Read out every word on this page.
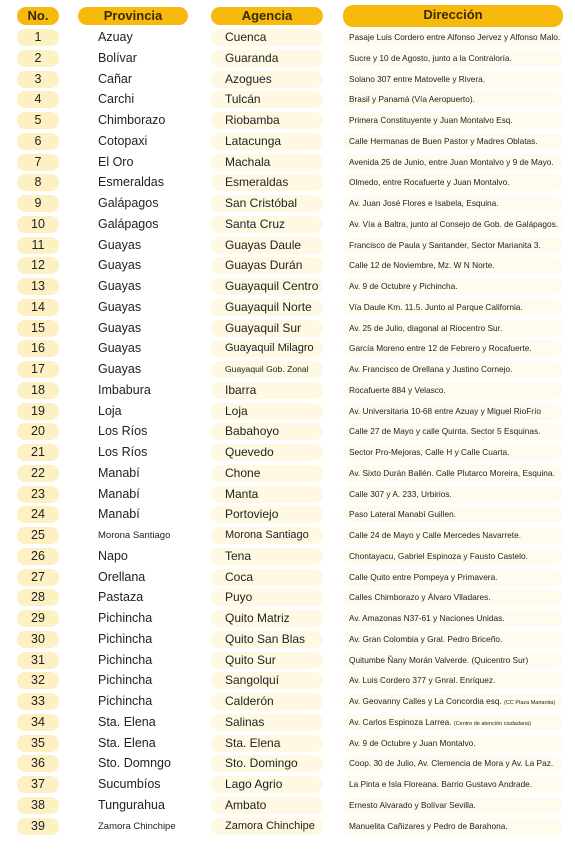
No.	Provincia	Agencia	Dirección
1	Azuay	Cuenca	Pasaje Luis Cordero entre Alfonso Jervez y Alfonso Malo.
2	Bolívar	Guaranda	Sucre y 10 de Agosto, junto a la Contraloría.
3	Cañar	Azogues	Solano 307 entre Matovelle y Rivera.
4	Carchi	Tulcán	Brasil y Panamá (Vía Aeropuerto).
5	Chimborazo	Riobamba	Primera Constituyente y Juan Montalvo Esq.
6	Cotopaxi	Latacunga	Calle Hermanas de Buen Pastor y Madres Oblatas.
7	El Oro	Machala	Avenida 25 de Junio, entre Juan Montalvo y 9 de Mayo.
8	Esmeraldas	Esmeraldas	Olmedo, entre Rocafuerte y Juan Montalvo.
9	Galápagos	San Cristóbal	Av. Juan José Flores e Isabela, Esquina.
10	Galápagos	Santa Cruz	Av. Vía a Baltra, junto al Consejo de Gob. de Galápagos.
11	Guayas	Guayas Daule	Francisco de Paula y Santander, Sector Marianita 3.
12	Guayas	Guayas Durán	Calle 12 de Noviembre, Mz. W N Norte.
13	Guayas	Guayaquil Centro	Av. 9 de Octubre y Pichincha.
14	Guayas	Guayaquil Norte	Vía Daule Km. 11.5. Junto al Parque California.
15	Guayas	Guayaquil Sur	Av. 25 de Julio, diagonal al Riocentro Sur.
16	Guayas	Guayaquil Milagro	García Moreno entre 12 de Febrero y Rocafuerte.
17	Guayas	Guayaquil Gob. Zonal	Av. Francisco de Orellana y Justino Cornejo.
18	Imbabura	Ibarra	Rocafuerte 884 y Velasco.
19	Loja	Loja	Av. Universitaria 10-68 entre Azuay y Miguel RioFrío
20	Los Ríos	Babahoyo	Calle 27 de Mayo y calle Quinta. Sector 5 Esquinas.
21	Los Ríos	Quevedo	Sector Pro-Mejoras, Calle H y Calle Cuarta.
22	Manabí	Chone	Av. Sixto Durán Ballén. Calle Plutarco Moreira, Esquina.
23	Manabí	Manta	Calle 307 y A. 233, Urbirios.
24	Manabí	Portoviejo	Paso Lateral Manabí Guillen.
25	Morona Santiago	Morona Santiago	Calle 24 de Mayo y Calle Mercedes Navarrete.
26	Napo	Tena	Chontayacu, Gabriel Espinoza y Fausto Castelo.
27	Orellana	Coca	Calle Quito entre Pompeya y Primavera.
28	Pastaza	Puyo	Calles Chimborazo y Álvaro Vlladares.
29	Pichincha	Quito Matriz	Av. Amazonas N37-61 y Naciones Unidas.
30	Pichincha	Quito San Blas	Av. Gran Colombia y Gral. Pedro Briceño.
31	Pichincha	Quito Sur	Quitumbe Ñany Morán Valverde. (Quicentro Sur)
32	Pichincha	Sangolquí	Av. Luis Cordero 377 y Gnral. Enríquez.
33	Pichincha	Calderón	Av. Geovanny Calles y La Concordia esq. (CC Plaza Marianita)
34	Sta. Elena	Salinas	Av. Carlos Espinoza Larrea. (Centro de atención ciudadana)
35	Sta. Elena	Sta. Elena	Av. 9 de Octubre y Juan Montalvo.
36	Sto. Domngo	Sto. Domingo	Coop. 30 de Julio, Av. Clemencia de Mora y Av. La Paz.
37	Sucumbíos	Lago Agrio	La Pinta e Isla Floreana. Barrio Gustavo Andrade.
38	Tungurahua	Ambato	Ernesto Alvarado y Bolívar Sevilla.
39	Zamora Chinchipe	Zamora Chinchipe	Manuelita Cañizares y Pedro de Barahona.
